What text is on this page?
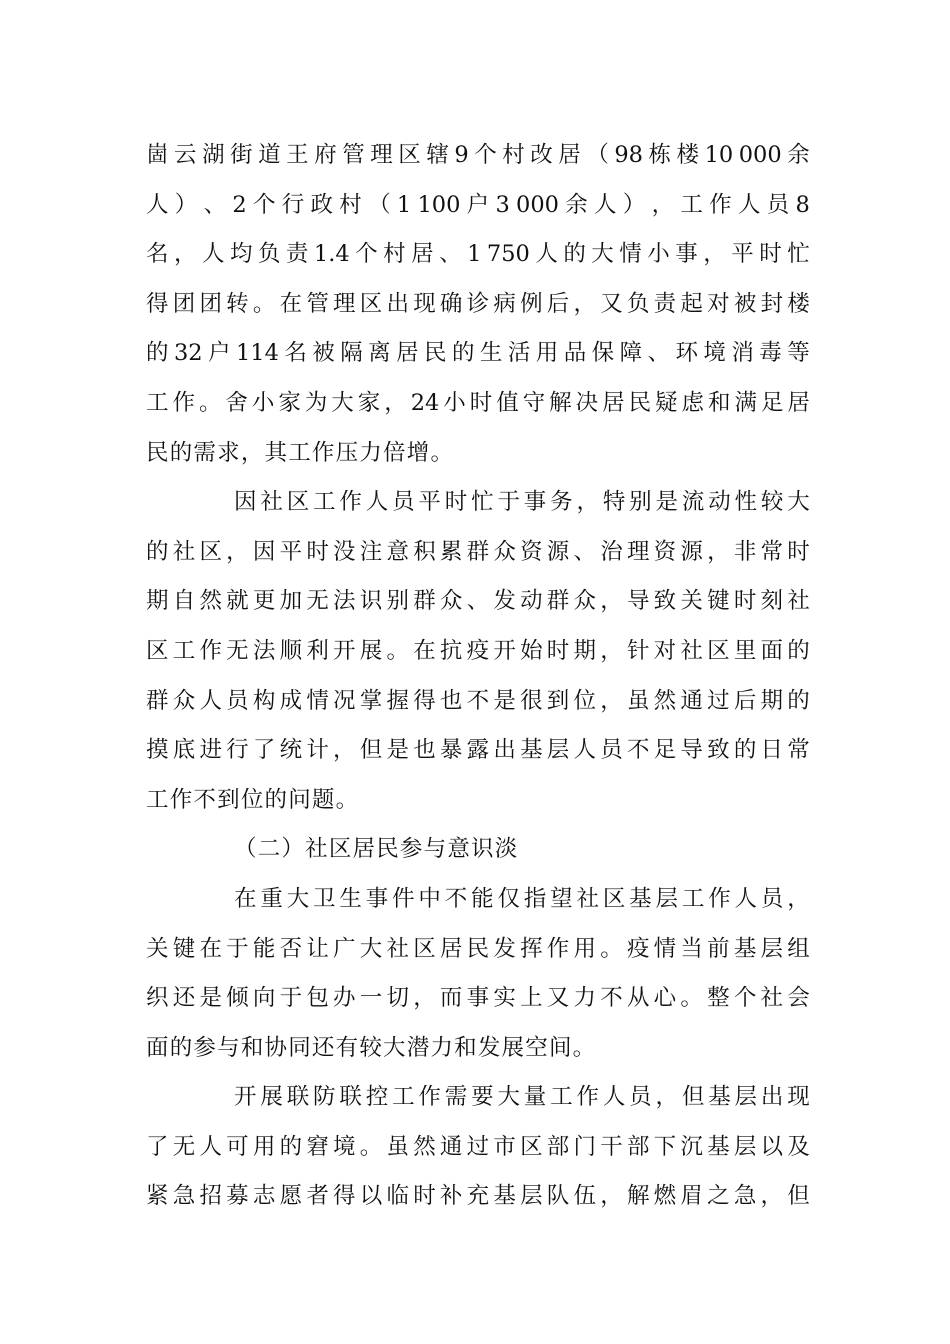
崮 云 湖 街 道 王 府 管 理 区 辖 9 个 村 改 居 （ 98 栋 楼 10 000 余
人 ） 、 2 个 行 政 村 （ 1 100 户 3 000 余 人 ） ， 工 作 人 员 8
名 ， 人 均 负 责 1.4 个 村 居 、 1 750 人 的 大 情 小 事 ， 平 时 忙
得 团 团 转 。 在 管 理 区 出 现 确 诊 病 例 后 ， 又 负 责 起 对 被 封 楼
的 32 户 114 名 被 隔 离 居 民 的 生 活 用 品 保 障 、 环 境 消 毒 等
工 作 。 舍 小 家 为 大 家 ， 24 小 时 值 守 解 决 居 民 疑 虑 和 满 足 居
民 的 需 求 ， 其 工 作 压 力 倍 增 。
因 社 区 工 作 人 员 平 时 忙 于 事 务 ， 特 别 是 流 动 性 较 大
的 社 区 ， 因 平 时 没 注 意 积 累 群 众 资 源 、 治 理 资 源 ， 非 常 时
期 自 然 就 更 加 无 法 识 别 群 众 、 发 动 群 众 ， 导 致 关 键 时 刻 社
区 工 作 无 法 顺 利 开 展 。 在 抗 疫 开 始 时 期 ， 针 对 社 区 里 面 的
群 众 人 员 构 成 情 况 掌 握 得 也 不 是 很 到 位 ， 虽 然 通 过 后 期 的
摸 底 进 行 了 统 计 ， 但 是 也 暴 露 出 基 层 人 员 不 足 导 致 的 日 常
工 作 不 到 位 的 问 题 。
（ 二 ） 社 区 居 民 参 与 意 识 淡
在 重 大 卫 生 事 件 中 不 能 仅 指 望 社 区 基 层 工 作 人 员 ，
关 键 在 于 能 否 让 广 大 社 区 居 民 发 挥 作 用 。 疫 情 当 前 基 层 组
织 还 是 倾 向 于 包 办 一 切 ， 而 事 实 上 又 力 不 从 心 。 整 个 社 会
面 的 参 与 和 协 同 还 有 较 大 潜 力 和 发 展 空 间 。
开 展 联 防 联 控 工 作 需 要 大 量 工 作 人 员 ， 但 基 层 出 现
了 无 人 可 用 的 窘 境 。 虽 然 通 过 市 区 部 门 干 部 下 沉 基 层 以 及
紧 急 招 募 志 愿 者 得 以 临 时 补 充 基 层 队 伍 ， 解 燃 眉 之 急 ， 但
